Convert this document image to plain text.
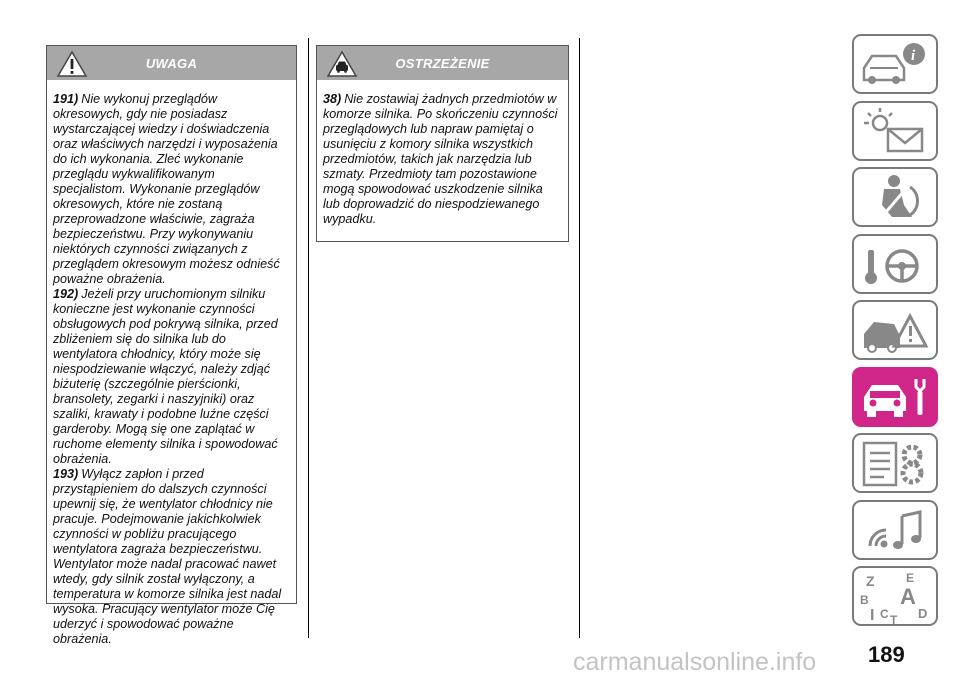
UWAGA

191) Nie wykonuj przeglądów okresowych, gdy nie posiadasz wystarczającej wiedzy i doświadczenia oraz właściwych narzędzi i wyposażenia do ich wykonania. Zleć wykonanie przeglądu wykwalifikowanym specjalistom. Wykonanie przeglądów okresowych, które nie zostaną przeprowadzone właściwie, zagraża bezpieczeństwu. Przy wykonywaniu niektórych czynności związanych z przeglądem okresowym możesz odnieść poważne obrażenia.

192) Jeżeli przy uruchomionym silniku konieczne jest wykonanie czynności obsługowych pod pokrywą silnika, przed zbliżeniem się do silnika lub do wentylatora chłodnicy, który może się niespodziewanie włączyć, należy zdjąć biżuterię (szczególnie pierścionki, bransolety, zegarki i naszyjniki) oraz szaliki, krawaty i podobne luźne części garderoby. Mogą się one zaplątać w ruchome elementy silnika i spowodować obrażenia.

193) Wyłącz zapłon i przed przystąpieniem do dalszych czynności upewnij się, że wentylator chłodnicy nie pracuje. Podejmowanie jakichkolwiek czynności w pobliżu pracującego wentylatora zagraża bezpieczeństwu. Wentylator może nadal pracować nawet wtedy, gdy silnik został wyłączony, a temperatura w komorze silnika jest nadal wysoka. Pracujący wentylator może Cię uderzyć i spowodować poważne obrażenia.

OSTRZEŻENIE

38) Nie zostawiaj żadnych przedmiotów w komorze silnika. Po skończeniu czynności przeglądowych lub napraw pamiętaj o usunięciu z komory silnika wszystkich przedmiotów, takich jak narzędzia lub szmaty. Przedmioty tam pozostawione mogą spowodować uszkodzenie silnika lub doprowadzić do niespodziewanego wypadku.

i
Z	E
B A
I C T D
189
carmanualsonline.info
